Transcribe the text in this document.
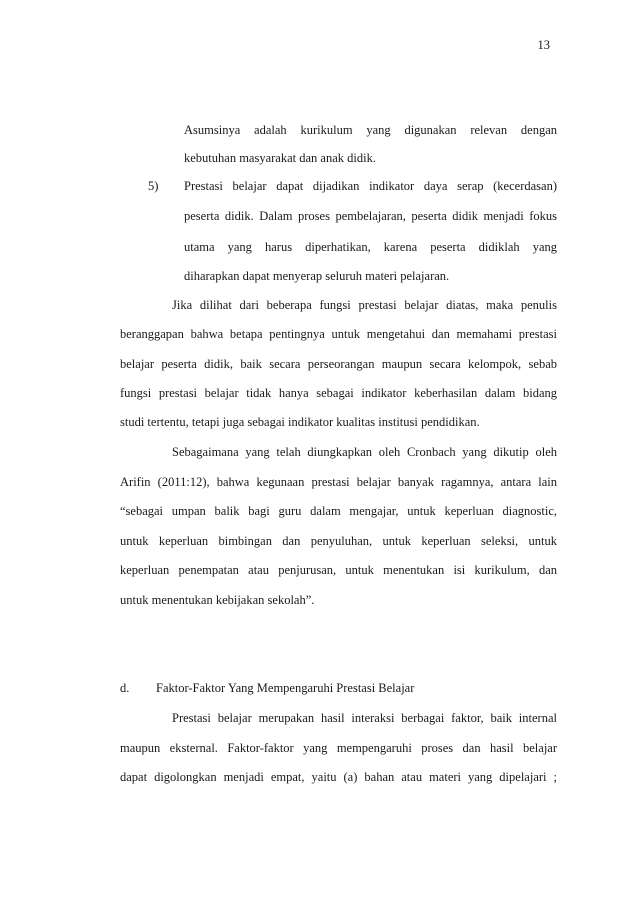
13
Asumsinya adalah kurikulum yang digunakan relevan dengan
kebutuhan masyarakat dan anak didik.
5) Prestasi belajar dapat dijadikan indikator daya serap (kecerdasan)
peserta didik. Dalam proses pembelajaran, peserta didik menjadi fokus
utama yang harus diperhatikan, karena peserta didiklah yang
diharapkan dapat menyerap seluruh materi pelajaran.
Jika dilihat dari beberapa fungsi prestasi belajar diatas, maka penulis
beranggapan bahwa betapa pentingnya untuk mengetahui dan memahami prestasi
belajar peserta didik, baik secara perseorangan maupun secara kelompok, sebab
fungsi prestasi belajar tidak hanya sebagai indikator keberhasilan dalam bidang
studi tertentu, tetapi juga sebagai indikator kualitas institusi pendidikan.
Sebagaimana yang telah diungkapkan oleh Cronbach yang dikutip oleh
Arifin (2011:12), bahwa kegunaan prestasi belajar banyak ragamnya, antara lain
“sebagai umpan balik bagi guru dalam mengajar, untuk keperluan diagnostic,
untuk keperluan bimbingan dan penyuluhan, untuk keperluan seleksi, untuk
keperluan penempatan atau penjurusan, untuk menentukan isi kurikulum, dan
untuk menentukan kebijakan sekolah”.
d. Faktor-Faktor Yang Mempengaruhi Prestasi Belajar
Prestasi belajar merupakan hasil interaksi berbagai faktor, baik internal
maupun eksternal. Faktor-faktor yang mempengaruhi proses dan hasil belajar
dapat digolongkan menjadi empat, yaitu (a) bahan atau materi yang dipelajari ;
